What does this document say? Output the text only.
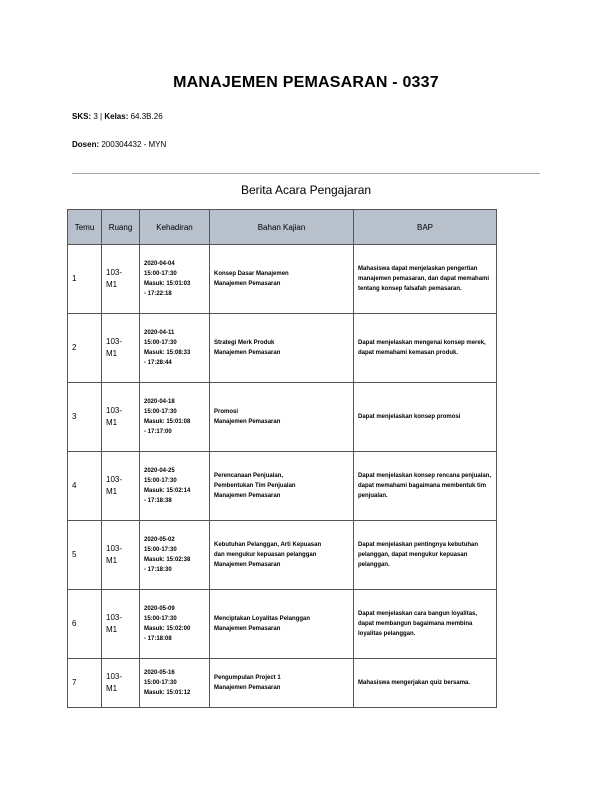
MANAJEMEN PEMASARAN - 0337
SKS: 3 | Kelas: 64.3B.26
Dosen: 200304432 - MYN
Berita Acara Pengajaran
Temu	Ruang	Kehadiran	Bahan Kajian	BAP
1	103-
M1	2020-04-04
15:00-17:30
Masuk: 15:01:03
- 17:22:18	Konsep Dasar Manajemen
Manajemen Pemasaran	Mahasiswa dapat menjelaskan pengertian manajemen pemasaran, dan dapat memahami tentang konsep falsafah pemasaran.

2	103-
M1	2020-04-11
15:00-17:30
Masuk: 15:08:33
- 17:28:44	Strategi Merk Produk
Manajemen Pemasaran	Dapat menjelaskan mengenai konsep merek, dapat memahami kemasan produk.

3	103-
M1	2020-04-18
15:00-17:30
Masuk: 15:01:08
- 17:17:00	Promosi
Manajemen Pemasaran	Dapat menjelaskan konsep promosi

4	103-
M1	2020-04-25
15:00-17:30
Masuk: 15:02:14
- 17:18:38	Perencanaan Penjualan,
Pembentukan Tim Penjualan
Manajemen Pemasaran	Dapat menjelaskan konsep rencana penjualan, dapat memahami bagaimana membentuk tim penjualan.

5	103-
M1	2020-05-02
15:00-17:30
Masuk: 15:02:38
- 17:18:30	Kebutuhan Pelanggan, Arti Kepuasan
dan mengukur kepuasan pelanggan
Manajemen Pemasaran	Dapat menjelaskan pentingnya kebutuhan pelanggan, dapat mengukur kepuasan pelanggan.

6	103-
M1	2020-05-09
15:00-17:30
Masuk: 15:02:00
- 17:18:08	Menciptakan Loyalitas Pelanggan
Manajemen Pemasaran	Dapat menjelaskan cara bangun loyalitas, dapat membangun bagaimana membina loyalitas pelanggan.

7	103-
M1	2020-05-16
15:00-17:30
Masuk: 15:01:12	Pengumpulan Project 1
Manajemen Pemasaran	Mahasiswa mengerjakan quiz bersama.
